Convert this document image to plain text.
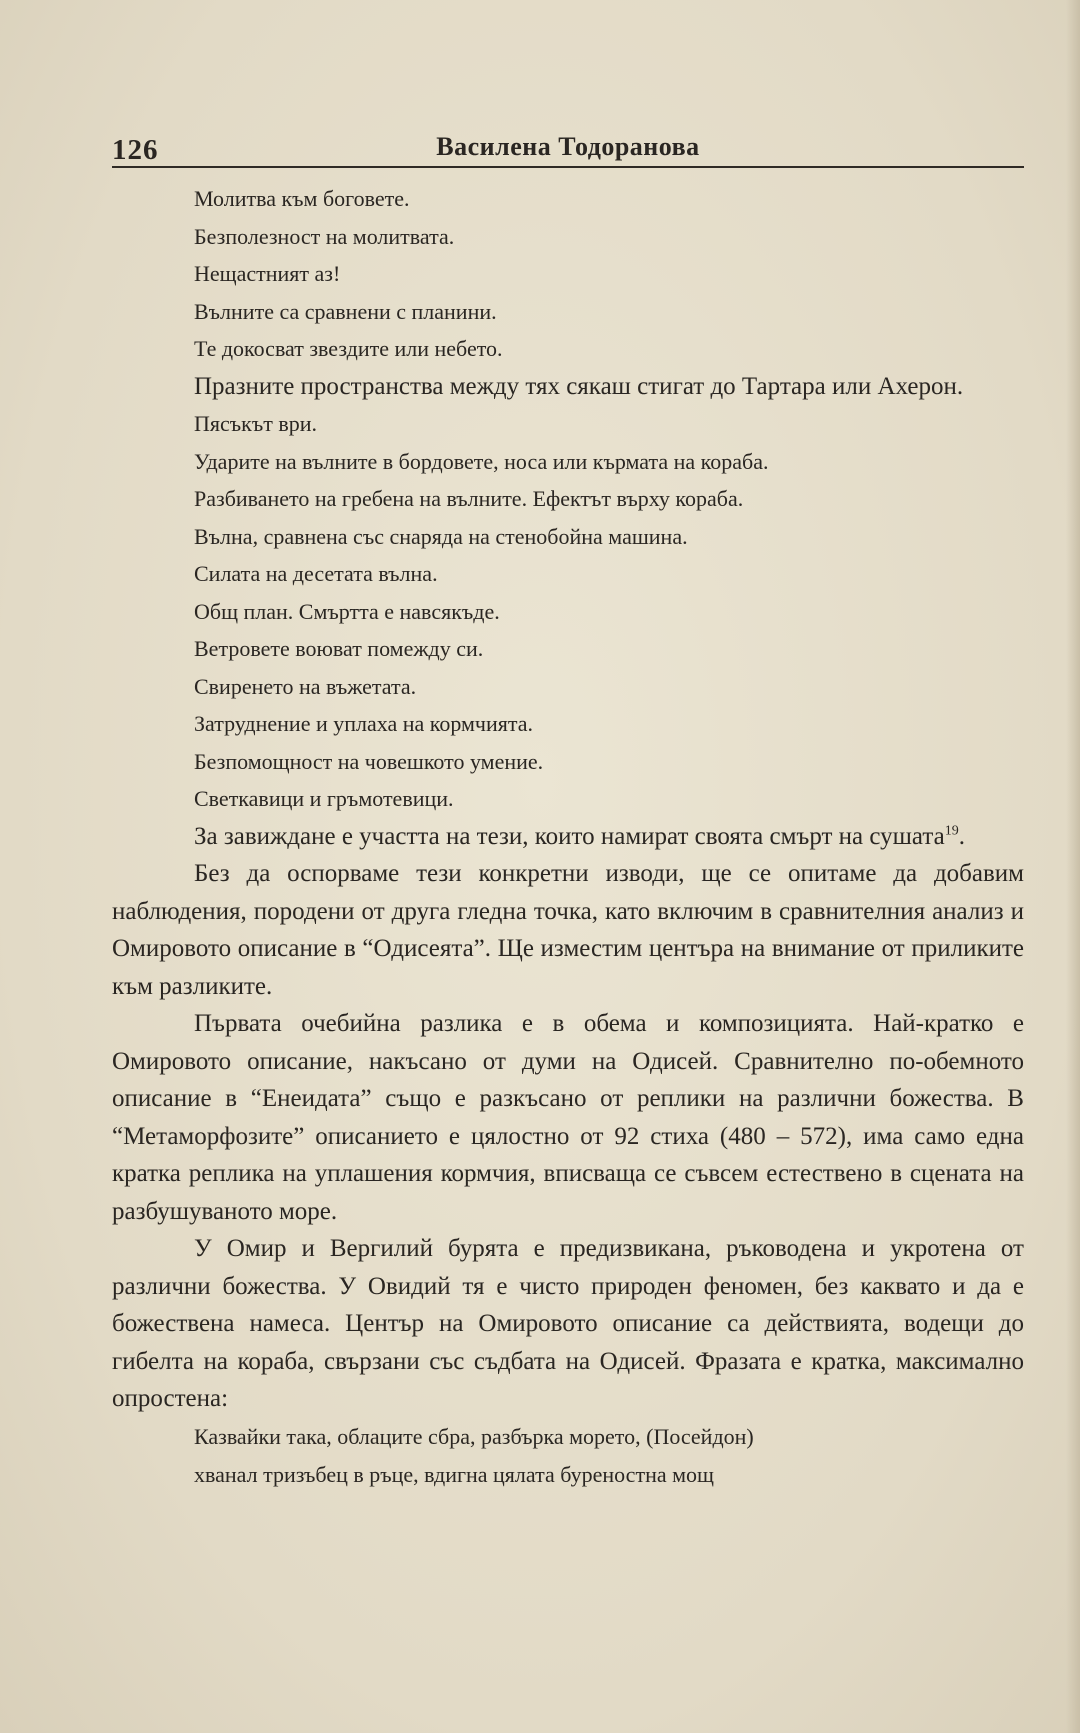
126	Василена Тодоранова
Молитва към боговете.
Безполезност на молитвата.
Нещастният аз!
Вълните са сравнени с планини.
Те докосват звездите или небето.

Празните пространства между тях сякаш стигат до Тартара или Ахерон.

Пясъкът ври.
Ударите на вълните в бордовете, носа или кърмата на кораба.
Разбиването на гребена на вълните. Ефектът върху кораба.
Вълна, сравнена със снаряда на стенобойна машина.
Силата на десетата вълна.
Общ план. Смъртта е навсякъде.
Ветровете воюват помежду си.
Свиренето на въжетата.
Затруднение и уплаха на кормчията.
Безпомощност на човешкото умение.
Светкавици и гръмотевици.

За завиждане е участта на тези, които намират своята смърт на сушата$^{19}$.

Без да оспорваме тези конкретни изводи, ще се опитаме да добавим наблюдения, породени от друга гледна точка, като включим в сравнителния анализ и Омировото описание в “Одисеята”. Ще изместим центъра на внимание от приликите към разликите.

Първата очебийна разлика е в обема и композицията. Най-кратко е Омировото описание, накъсано от думи на Одисей. Сравнително по-обемното описание в “Енеидата” също е разкъсано от реплики на различни божества. В “Метаморфозите” описанието е цялостно от 92 стиха (480 – 572), има само една кратка реплика на уплашения кормчия, вписваща се съвсем естествено в сцената на разбушуваното море.

У Омир и Вергилий бурята е предизвикана, ръководена и укротена от различни божества. У Овидий тя е чисто природен феномен, без каквато и да е божествена намеса. Център на Омировото описание са действията, водещи до гибелта на кораба, свързани със съдбата на Одисей. Фразата е кратка, максимално опростена:

Казвайки така, облаците сбра, разбърка морето, (Посейдон)
хванал тризъбец в ръце, вдигна цялата буреностна мощ
